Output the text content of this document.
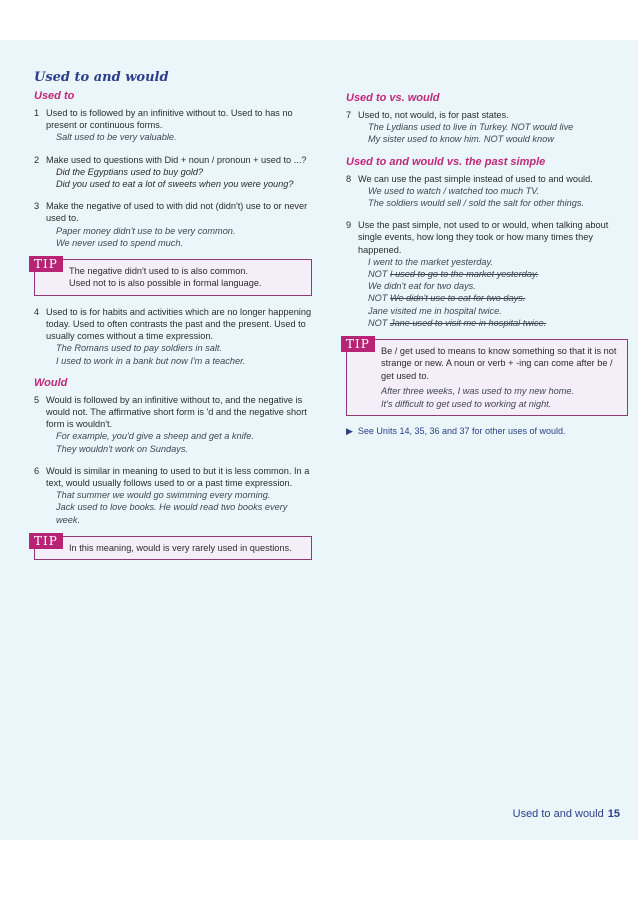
Used to and would
Used to
1 Used to is followed by an infinitive without to. Used to has no present or continuous forms.

Salt used to be very valuable.
2 Make used to questions with Did + noun / pronoun + used to ...?

Did the Egyptians used to buy gold?
Did you used to eat a lot of sweets when you were young?
3 Make the negative of used to with did not (didn't) use to or never used to.

Paper money didn't use to be very common.
We never used to spend much.
TIP	The negative didn't used to is also common.
Used not to is also possible in formal language.
4 Used to is for habits and activities which are no longer happening today. Used to often contrasts the past and the present. Used to usually comes without a time expression.

The Romans used to pay soldiers in salt.
I used to work in a bank but now I'm a teacher.
Would
5 Would is followed by an infinitive without to, and the negative is would not. The affirmative short form is 'd and the negative short form is wouldn't.

For example, you'd give a sheep and get a knife.
They wouldn't work on Sundays.
6 Would is similar in meaning to used to but it is less common. In a text, would usually follows used to or a past time expression.

That summer we would go swimming every morning.
Jack used to love books. He would read two books every week.
TIP	In this meaning, would is very rarely used in questions.
Used to vs. would
7 Used to, not would, is for past states.

The Lydians used to live in Turkey. NOT would live
My sister used to know him. NOT would know
Used to and would vs. the past simple
8 We can use the past simple instead of used to and would.

We used to watch / watched too much TV.
The soldiers would sell / sold the salt for other things.
9 Use the past simple, not used to or would, when talking about single events, how long they took or how many times they happened.

I went to the market yesterday.
NOT I used to go to the market yesterday.
We didn't eat for two days.
NOT We didn't use to eat for two days.
Jane visited me in hospital twice.
NOT Jane used to visit me in hospital twice.
TIP	Be / get used to means to know something so that it is not strange or new. A noun or verb + -ing can come after be / get used to.
After three weeks, I was used to my new home.
It's difficult to get used to working at night.
▶ See Units 14, 35, 36 and 37 for other uses of would.
Used to and would 15
